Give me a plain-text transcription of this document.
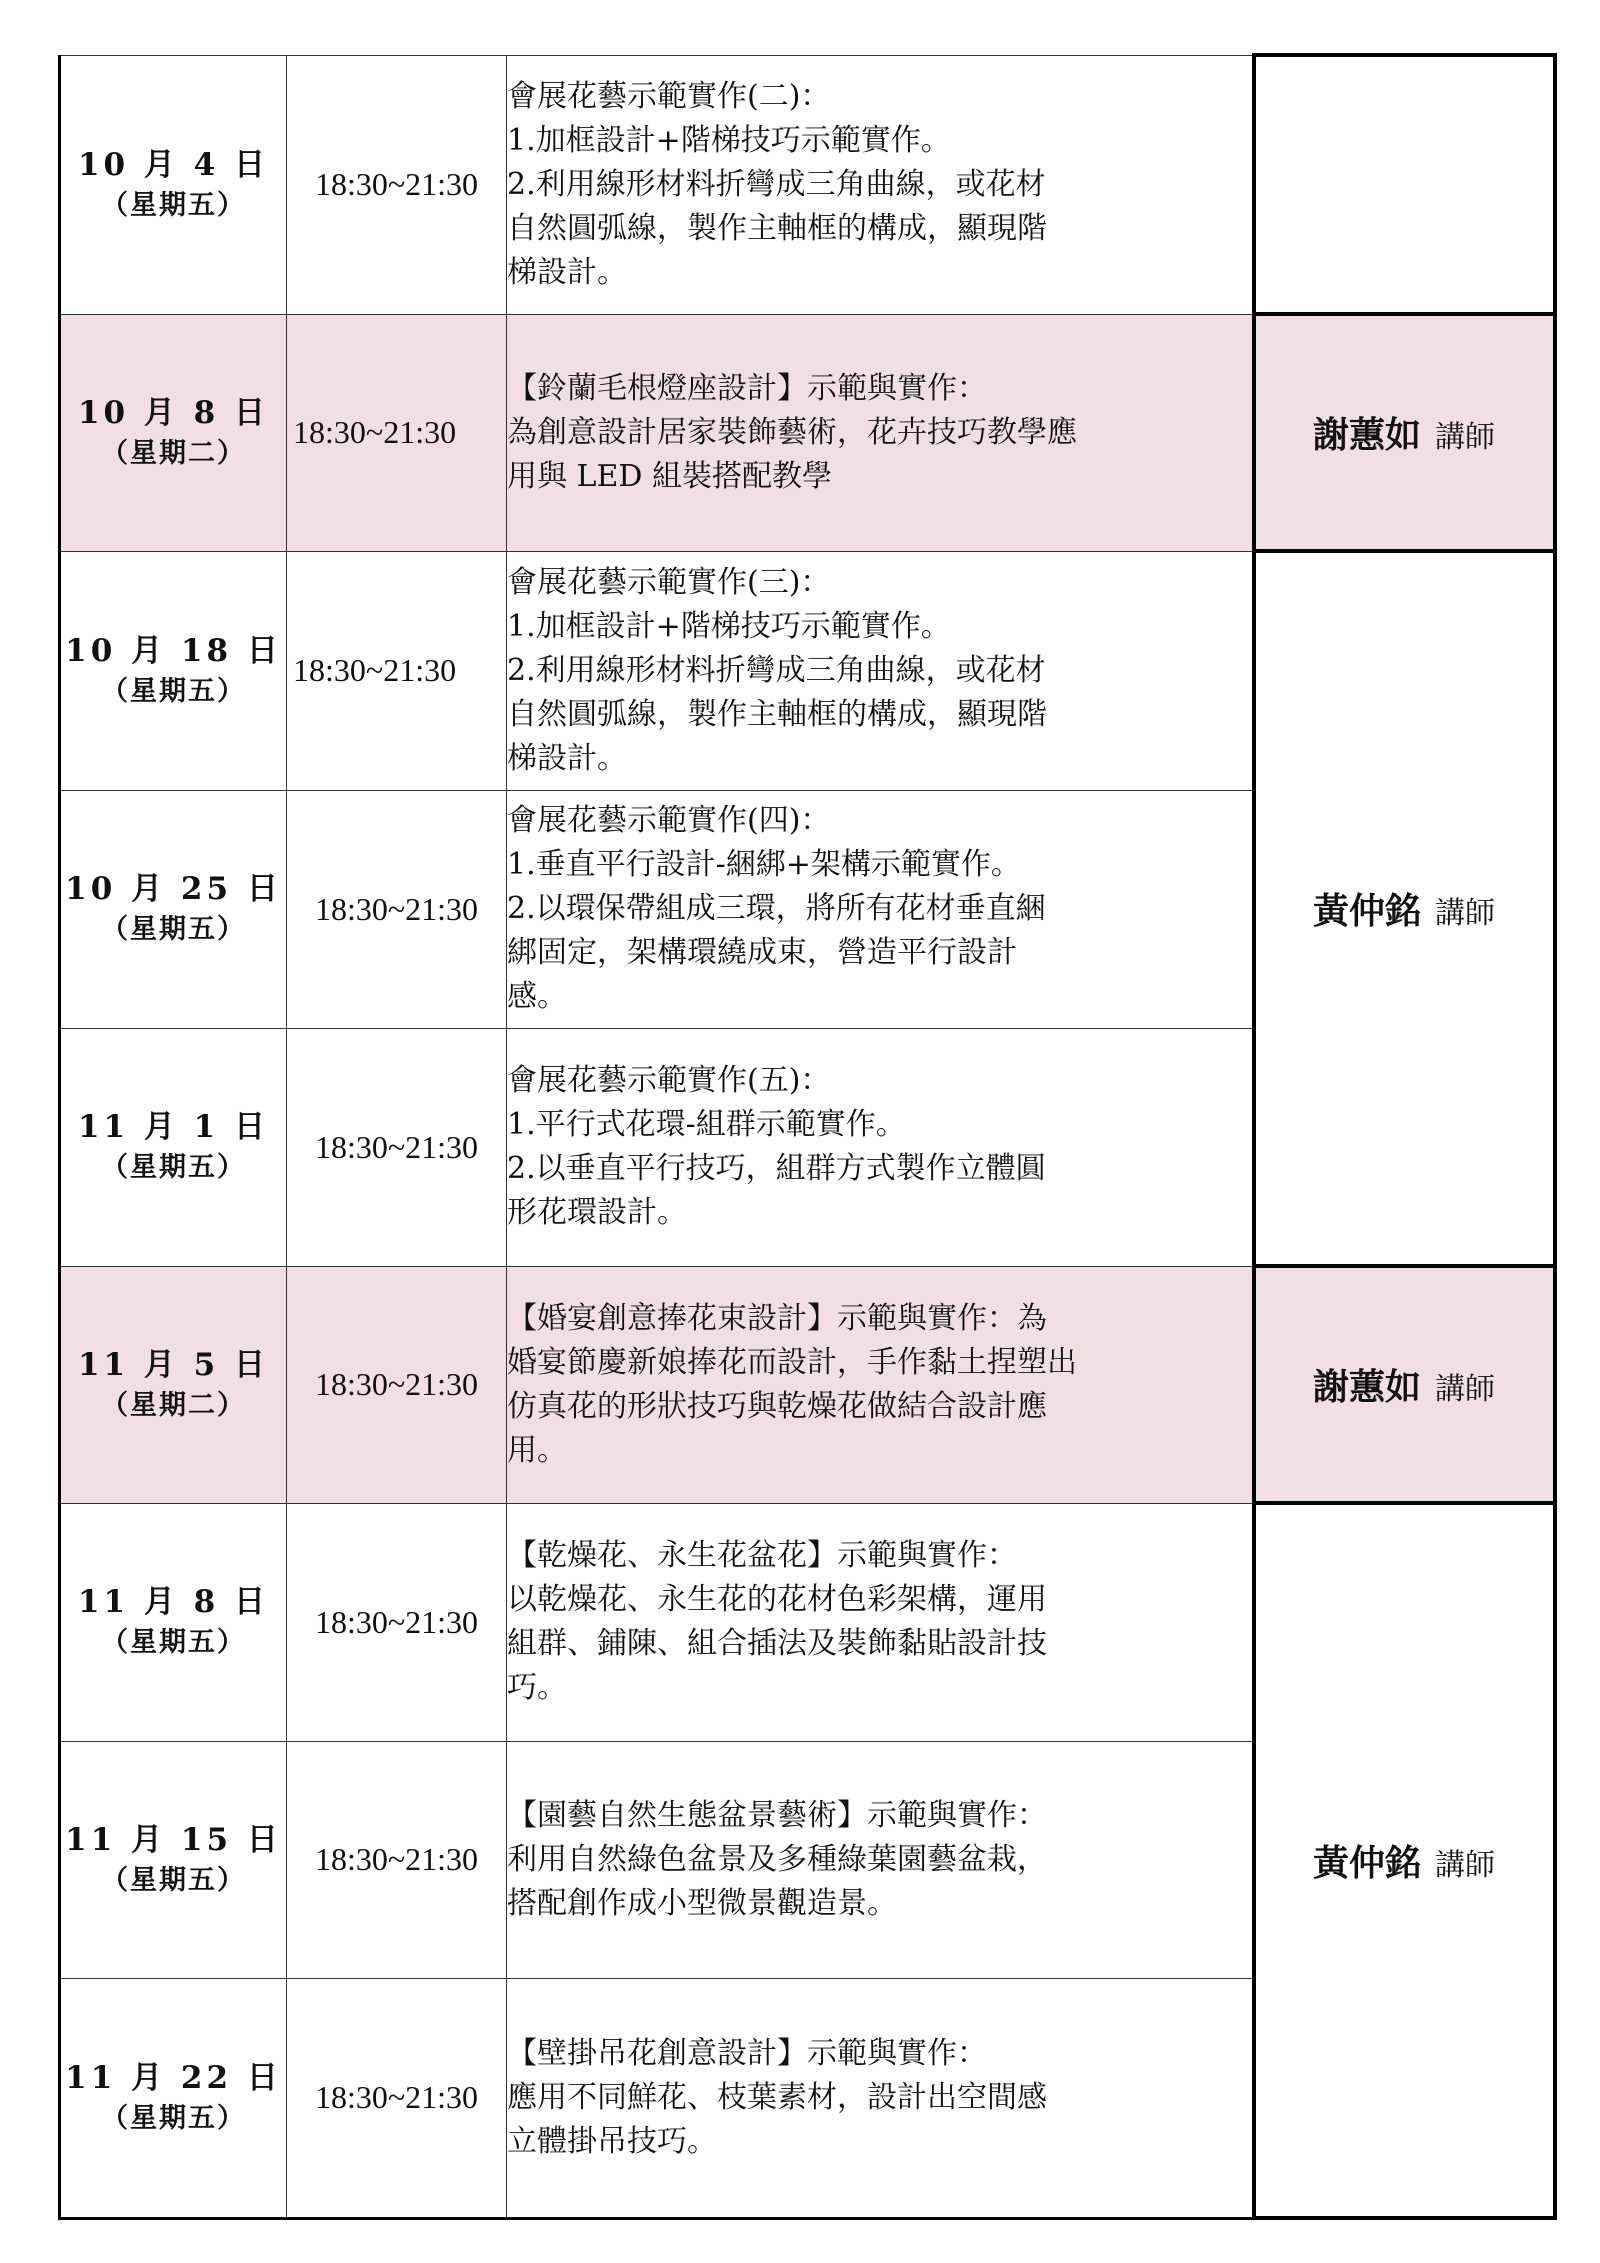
10 月 4 日
（星期五）	18:30~21:30	會展花藝示範實作(二)：
1.加框設計+階梯技巧示範實作。
2.利用線形材料折彎成三角曲線，或花材
自然圓弧線，製作主軸框的構成，顯現階
梯設計。	

10 月 8 日
（星期二）	18:30~21:30	【鈴蘭毛根燈座設計】示範與實作：
為創意設計居家裝飾藝術，花卉技巧教學應
用與 LED 組裝搭配教學	謝蕙如 講師

10 月 18 日
（星期五）	18:30~21:30	會展花藝示範實作(三)：
1.加框設計+階梯技巧示範實作。
2.利用線形材料折彎成三角曲線，或花材
自然圓弧線，製作主軸框的構成，顯現階
梯設計。	黃仲銘 講師

10 月 25 日
（星期五）	18:30~21:30	會展花藝示範實作(四)：
1.垂直平行設計-綑綁+架構示範實作。
2.以環保帶組成三環，將所有花材垂直綑
綁固定，架構環繞成束，營造平行設計
感。	

11 月 1 日
（星期五）	18:30~21:30	會展花藝示範實作(五)：
1.平行式花環-組群示範實作。
2.以垂直平行技巧，組群方式製作立體圓
形花環設計。	

11 月 5 日
（星期二）	18:30~21:30	【婚宴創意捧花束設計】示範與實作：為
婚宴節慶新娘捧花而設計，手作黏土捏塑出
仿真花的形狀技巧與乾燥花做結合設計應
用。	謝蕙如 講師

11 月 8 日
（星期五）	18:30~21:30	【乾燥花、永生花盆花】示範與實作：
以乾燥花、永生花的花材色彩架構，運用
組群、鋪陳、組合插法及裝飾黏貼設計技
巧。	黃仲銘 講師

11 月 15 日
（星期五）	18:30~21:30	【園藝自然生態盆景藝術】示範與實作：
利用自然綠色盆景及多種綠葉園藝盆栽，
搭配創作成小型微景觀造景。	

11 月 22 日
（星期五）	18:30~21:30	【壁掛吊花創意設計】示範與實作：
應用不同鮮花、枝葉素材，設計出空間感
立體掛吊技巧。	
